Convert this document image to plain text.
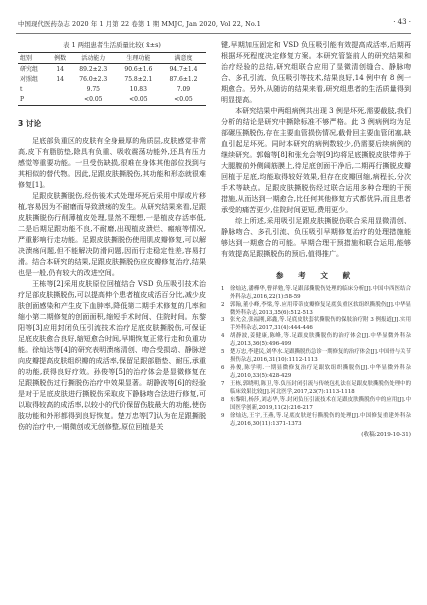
中国现代医药杂志 2020 年 1 月第 22 卷第 1 期 MMJC, Jan 2020, Vol 22, No.1	· 43 ·
表 1 两组患者生活质量比较( x̄±s)
组别	例数	活动能力	生理功能	满意度
研究组	14	89.2±2.3	90.6±1.6	94.7±1.4
对照组	14	76.0±2.3	75.8±2.1	87.6±1.2
t		9.75	10.83	7.09
P		<0.05	<0.05	<0.05
3 讨论

足底部负重区的皮肤有全身最厚的角质层,皮肤感觉非常高,皮下有脂肪垫,除具有负重、吸收震荡功能外,还具有压力感觉等重要功能。一旦受伤缺损,很难在身体其他部位找到与其相似的替代物。因此,足跟皮肤撕脱伤,其功能和形态就很难修复[1]。

足跟皮肤撕脱伤,经伤後术式处理坏死后采用中厚或片移植,容易因为不耐磨而导致溃疡的发生。从研究结果来看,足跟皮肤撕脱伤行削薄植皮处理,显然不理想,一是植皮存活率低,二是后期足跟功能不良,不耐磨,出现植皮溃烂、瘢痕等情况,严重影响行走功能。足跟皮肤撕脱伤使用肌皮瓣修复,可以解决溃疡问题,但不能解决防滑问题,因而行走稳定性差,容易打滑。结合本研究的结果,足跟皮肤撕脱伤应皮瓣修复治疗,结果也是一般,仍有较大的改进空间。

王栋等[2]采用皮肤原位回植结合 VSD 负压吸引技术治疗足部皮肤撕脱伤,可以提高伸个患者植皮成活百分比,减少皮肤创面感染和产生皮下血肿率,降低第二期手术修复的几率和缩小第二期修复的创面面积,缩短手术时间、住院时间。东黎阳等[3]应用封闭负压引流技术治疗足底皮肤撕脱伤,可保证足底皮肤愈合良好,缩短愈合时间,早期恢复正常行走和负重功能。徐灿达等[4]的研究表明溃疡清创、吻合受损动、静脉逆向皮瓣提高皮肤组织瓣的成活率,保留足跟部脂垫、耐压,承重的功能,获得良好疗效。孙俊等[5]的治疗体会是显微修复在足跟撕脱伤过行撕脱伤治疗中效果显著。胡静波等[6]的经验是对于足底皮肤进行撕脱伤采取皮下静脉吻合法进行修复,可以取得较高的成活率,以较小的代价保留伤肢最大的功能,使伤肢功能和外形都得到良好恢复。楚万忠等[7]认为在足跟撕脱伤的治疗中,一期微创或无创修整,原位回植是关

键,早期加压固定和 VSD 负压吸引能有效提高成活率,后期再根据坏死程度决定修复方案。本研究管鉴前人的研究结果和治疗经验的总结,研究组联合应用了显微清创缝合、静脉吻合、多孔引流、负压吸引等技术,结果良好,14 例中有 8 例一期愈合。另外,从随访的结果来看,研究组患者的生活质量得到明显提高。

本研究结果中两组病例共出现 3 例是坏死,需要截肢,我们分析的结论是研究中撕除标准不够严格。此 3 例病例均为足部碾压撕脱伤,存在主要血管损伤情况,截骨回主要血管闭塞,缺血引起足坏死。同时本研究的病例数较少,仍需要后续病例的继续研究。郭翰等[8]和张允会等[9]均将足底撕脱皮肤带养于大腿腹前外侧阔筋膜上,待足底创面干净后,二期再行撕脱皮瓣回植于足底,均能取得较好效果,但存在皮瓣回缩,病程长,分次手术等缺点。足跟皮肤撕脱伤经过联合运用多种合理的干预措施,从而达到一期愈合,比任何其他修复方式都优异,而且患者承受的痛苦更少,住院时间更短,费用更少。

综上所述,采用吸引足跟皮肤撕脱伤联合采用显微清创、静脉吻合、多孔引流、负压吸引早期修复治疗的处理措施能够达到一期愈合的可能。早期合理干预措施和联合运用,能够有效提高足跟撕脱伤的预后,值得推广。

参 考 文 献
1	徐灿达,潘樺华,曹祥勉,等.足跟部撕脱伤处理的临床分析[J].中国中西医结合外科杂志,2016,22(1):58-59
2	郭翰,董小峰,李梁,等.应用带蒂皮瓣修复足底负重区软组织撕脱伤[J].中华显微外科杂志,2013,35(6):512-513
3	张允会,张福刚,邱鑫,等.足底皮肤套状撕脱伤的保肢治疗附 3 例报道[J].实用手外科杂志,2017,31(4):444-446
4	胡静波,姜健康,陈峰,等.足跟皮肤撕脱伤的治疗体会[J].中华显微外科杂志,2013,36(5):496-499
5	楚万忠,李建民,刘华水.足跟撕脱伤急诊一期修复的治疗体会[J].中国骨与关节损伤杂志,2016,31(10):1112-1113
6	孙俊,陈学明.一期显微修复治疗足跟软组织撕脱伤[J].中华显微外科杂志,2010,33(5):428-429
7	王栋,郭晓明,陈卫,等.负压封闭引流与传统包扎法在足跟皮肤撕脱伤处理中的临床效果比较[J].河北医学,2017,23(7):1113-1118
8	东黎阳,杨莎,刘志华,等.封闭负压引流技术在足跟皮肤撕脱伤中的应用[J].中国医学创新,2019,11(2):216-217
9	徐灿达,王宇,王燕,等.足底皮肤逆行撕脱伤的处理[J].中国修复重建外科杂志,2016,30(11):1371-1373
(收稿:2019-10-31)
